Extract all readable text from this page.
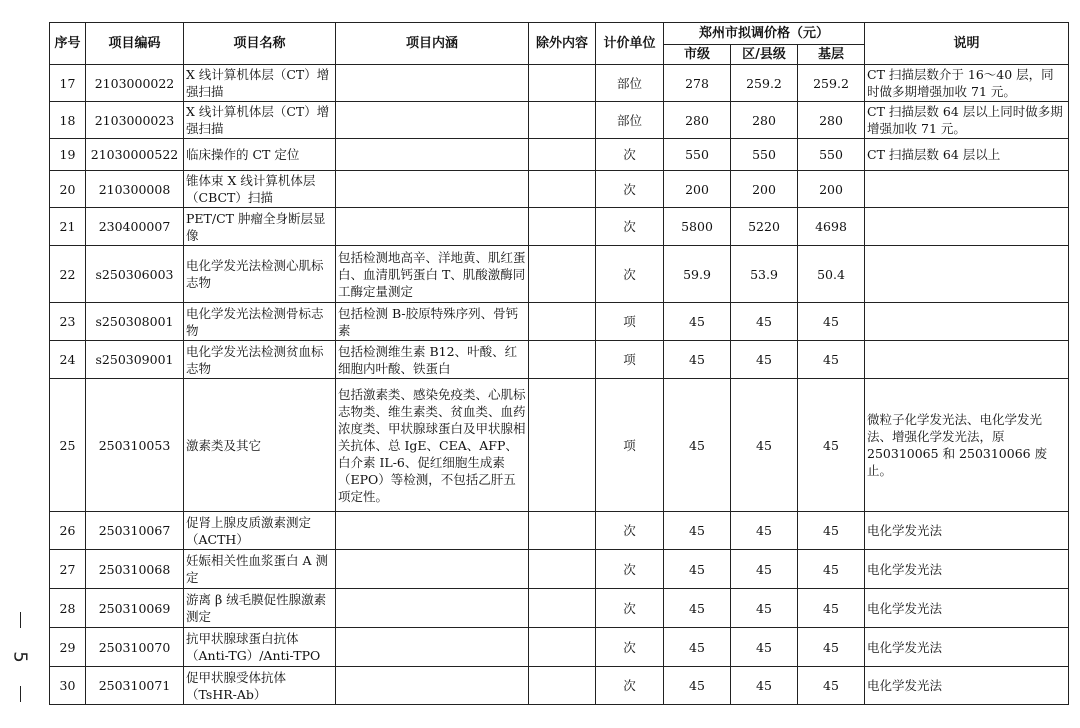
5
序号	项目编码	项目名称	项目内涵	除外内容	计价单位	郑州市拟调价格（元）			说明
						市级	区/县级	基层	
17	2103000022	X 线计算机体层（CT）增强扫描			部位	278	259.2	259.2	CT 扫描层数介于 16～40 层，同时做多期增强加收 71 元。
18	2103000023	X 线计算机体层（CT）增强扫描			部位	280	280	280	CT 扫描层数 64 层以上同时做多期增强加收 71 元。
19	21030000522	临床操作的 CT 定位			次	550	550	550	CT 扫描层数 64 层以上
20	210300008	锥体束 X 线计算机体层（CBCT）扫描			次	200	200	200	
21	230400007	PET/CT 肿瘤全身断层显像			次	5800	5220	4698	
22	s250306003	电化学发光法检测心肌标志物	包括检测地高辛、洋地黄、肌红蛋白、血清肌钙蛋白 T、肌酸激酶同工酶定量测定		次	59.9	53.9	50.4	
23	s250308001	电化学发光法检测骨标志物	包括检测 B-胶原特殊序列、骨钙素		项	45	45	45	
24	s250309001	电化学发光法检测贫血标志物	包括检测维生素 B12、叶酸、红细胞内叶酸、铁蛋白		项	45	45	45	
25	250310053	激素类及其它	包括激素类、感染免疫类、心肌标志物类、维生素类、贫血类、血药浓度类、甲状腺球蛋白及甲状腺相关抗体、总 IgE、CEA、AFP、白介素 IL-6、促红细胞生成素（EPO）等检测，不包括乙肝五项定性。		项	45	45	45	微粒子化学发光法、电化学发光法、增强化学发光法，原 250310065 和 250310066 废止。
26	250310067	促肾上腺皮质激素测定（ACTH）			次	45	45	45	电化学发光法
27	250310068	妊娠相关性血浆蛋白 A 测定			次	45	45	45	电化学发光法
28	250310069	游离 β 绒毛膜促性腺激素测定			次	45	45	45	电化学发光法
29	250310070	抗甲状腺球蛋白抗体（Anti-TG）/Anti-TPO			次	45	45	45	电化学发光法
30	250310071	促甲状腺受体抗体（TsHR-Ab）			次	45	45	45	电化学发光法
